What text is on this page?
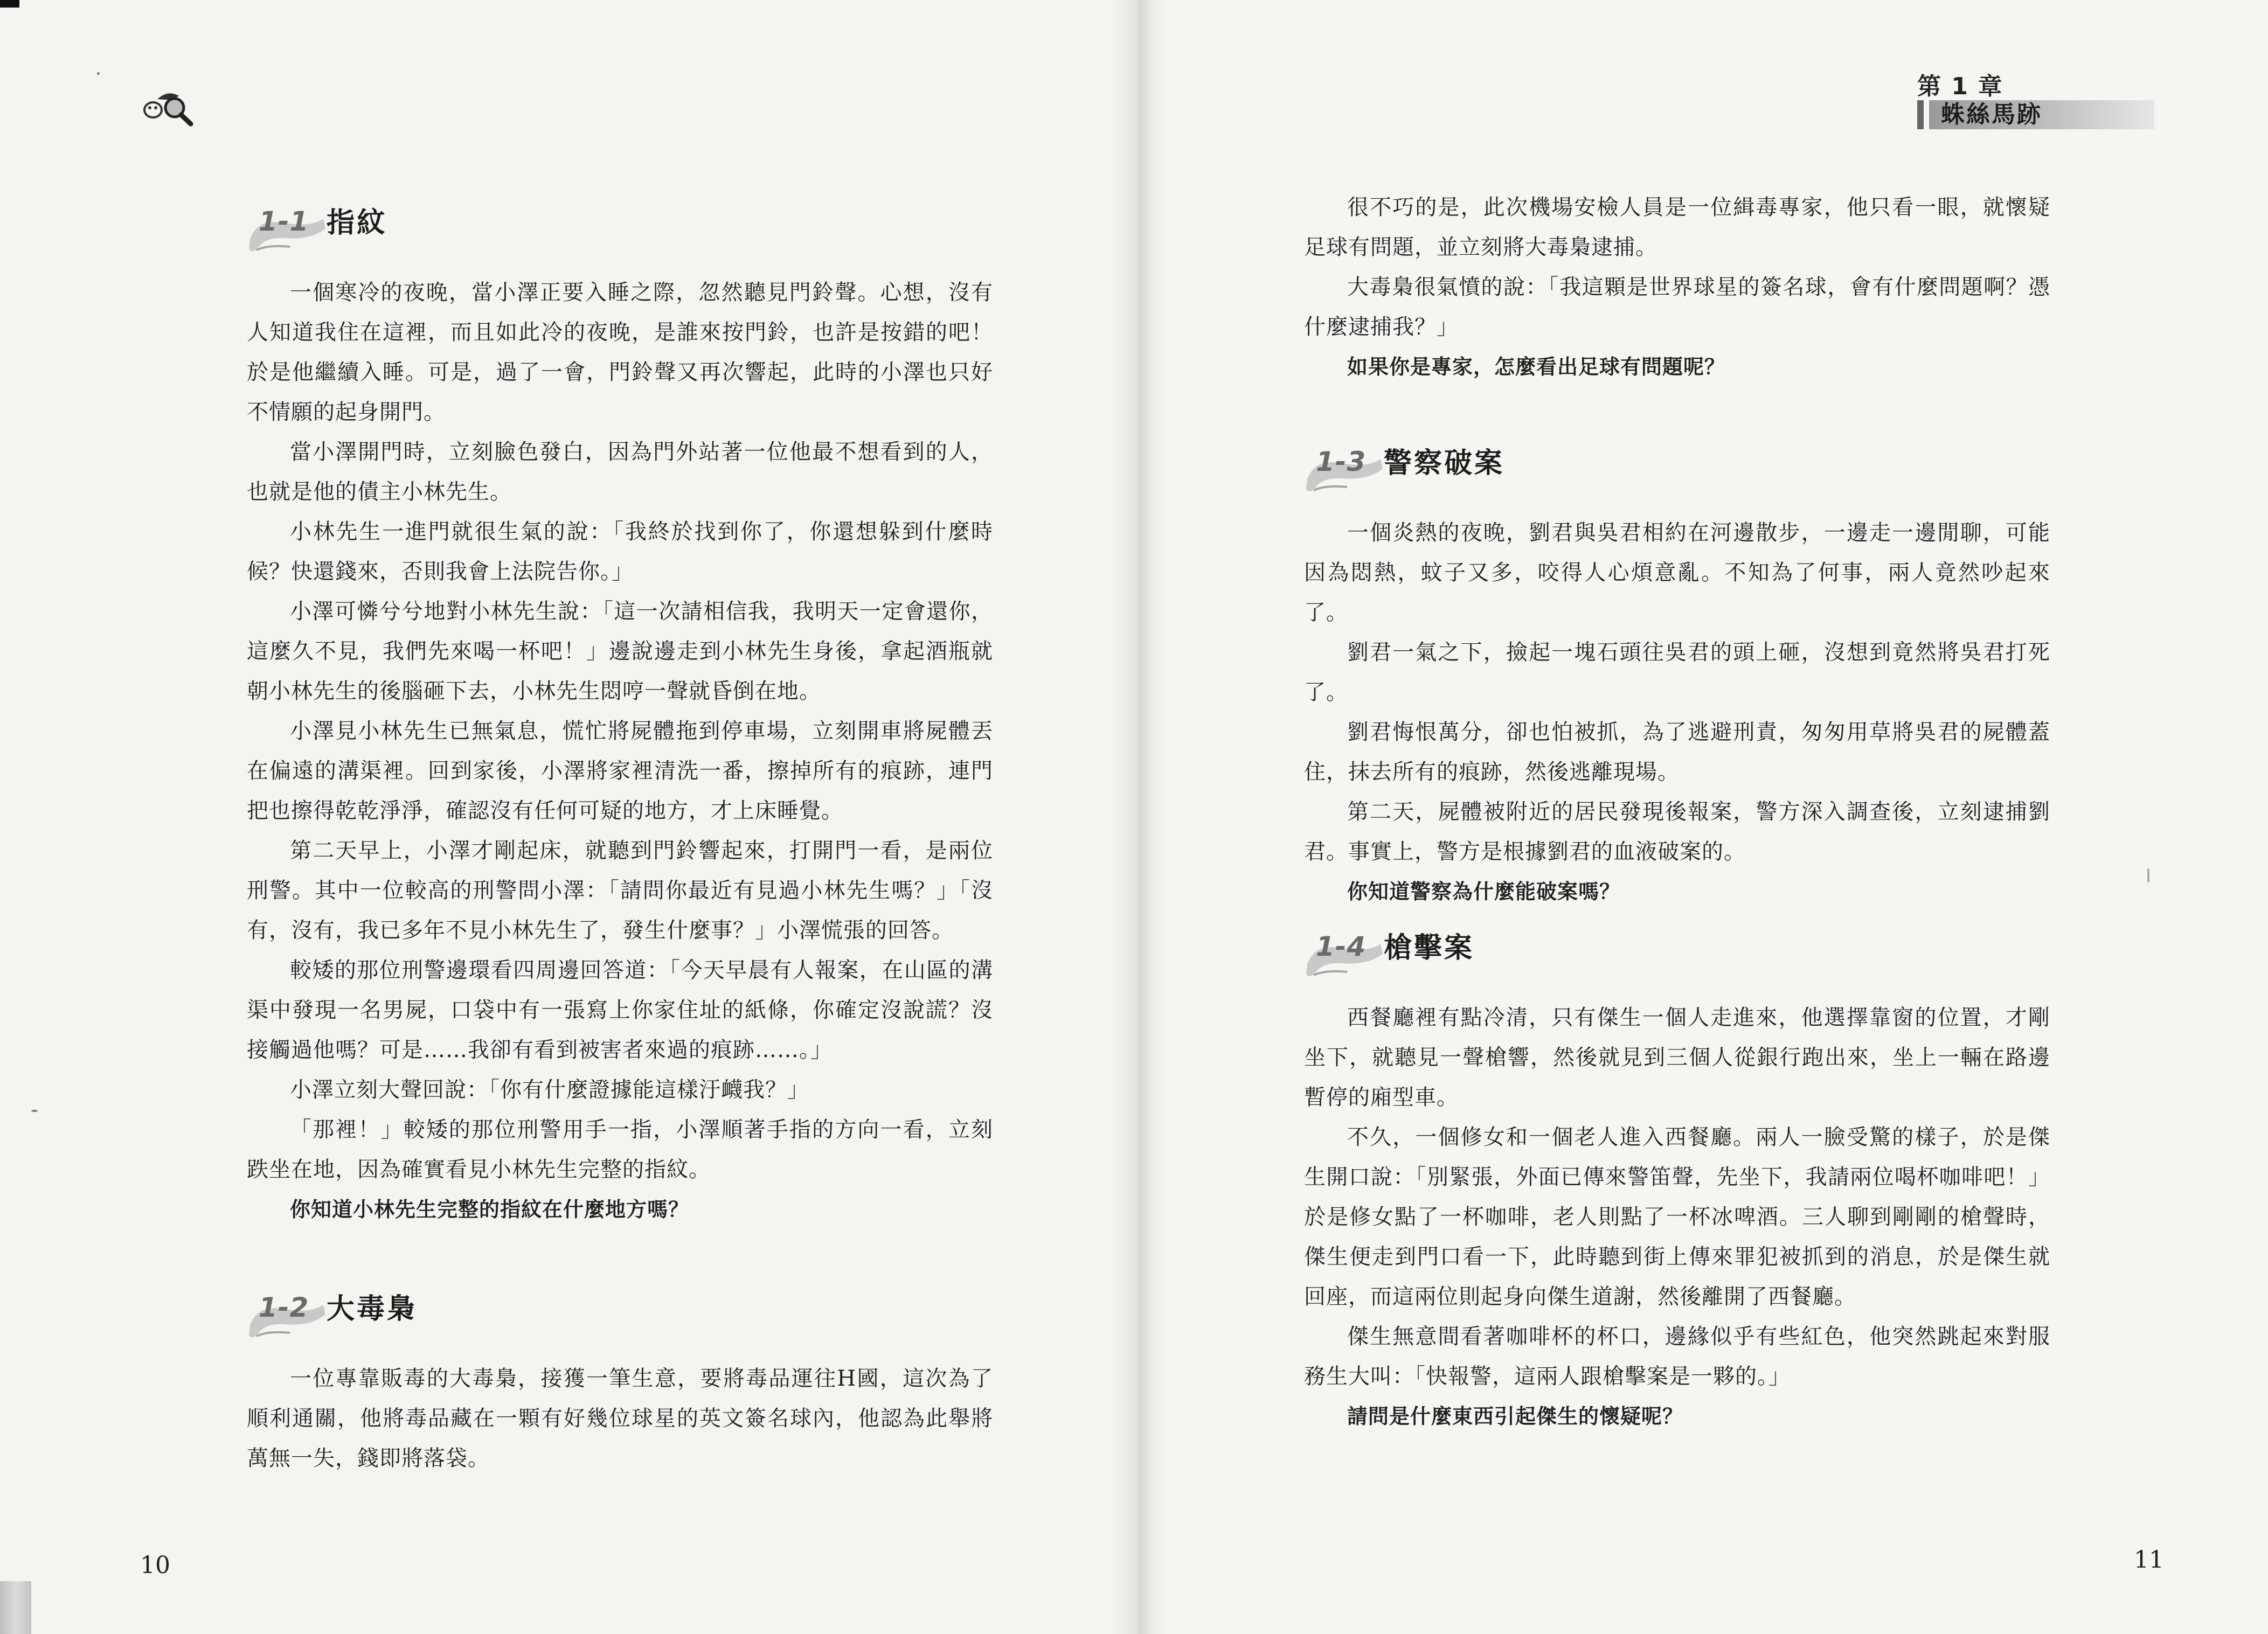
第 1 章
蛛絲馬跡
1-1 指紋

一個寒冷的夜晚，當小澤正要入睡之際，忽然聽見門鈴聲。心想，沒有人知道我住在這裡，而且如此冷的夜晚，是誰來按門鈴，也許是按錯的吧！於是他繼續入睡。可是，過了一會，門鈴聲又再次響起，此時的小澤也只好不情願的起身開門。

當小澤開門時，立刻臉色發白，因為門外站著一位他最不想看到的人，也就是他的債主小林先生。

小林先生一進門就很生氣的說：「我終於找到你了，你還想躲到什麼時候？快還錢來，否則我會上法院告你。」

小澤可憐兮兮地對小林先生說：「這一次請相信我，我明天一定會還你，這麼久不見，我們先來喝一杯吧！」邊說邊走到小林先生身後，拿起酒瓶就朝小林先生的後腦砸下去，小林先生悶哼一聲就昏倒在地。

小澤見小林先生已無氣息，慌忙將屍體拖到停車場，立刻開車將屍體丟在偏遠的溝渠裡。回到家後，小澤將家裡清洗一番，擦掉所有的痕跡，連門把也擦得乾乾淨淨，確認沒有任何可疑的地方，才上床睡覺。

第二天早上，小澤才剛起床，就聽到門鈴響起來，打開門一看，是兩位刑警。其中一位較高的刑警問小澤：「請問你最近有見過小林先生嗎？」「沒有，沒有，我已多年不見小林先生了，發生什麼事？」小澤慌張的回答。

較矮的那位刑警邊環看四周邊回答道：「今天早晨有人報案，在山區的溝渠中發現一名男屍，口袋中有一張寫上你家住址的紙條，你確定沒說謊？沒接觸過他嗎？可是……我卻有看到被害者來過的痕跡……。」

小澤立刻大聲回說：「你有什麼證據能這樣汙衊我？」

「那裡！」較矮的那位刑警用手一指，小澤順著手指的方向一看，立刻跌坐在地，因為確實看見小林先生完整的指紋。

你知道小林先生完整的指紋在什麼地方嗎？

1-2 大毒梟

一位專靠販毒的大毒梟，接獲一筆生意，要將毒品運往H國，這次為了順利通關，他將毒品藏在一顆有好幾位球星的英文簽名球內，他認為此舉將萬無一失，錢即將落袋。

10

很不巧的是，此次機場安檢人員是一位緝毒專家，他只看一眼，就懷疑足球有問題，並立刻將大毒梟逮捕。

大毒梟很氣憤的說：「我這顆是世界球星的簽名球，會有什麼問題啊？憑什麼逮捕我？」

如果你是專家，怎麼看出足球有問題呢？

1-3 警察破案

一個炎熱的夜晚，劉君與吳君相約在河邊散步，一邊走一邊閒聊，可能因為悶熱，蚊子又多，咬得人心煩意亂。不知為了何事，兩人竟然吵起來了。

劉君一氣之下，撿起一塊石頭往吳君的頭上砸，沒想到竟然將吳君打死了。

劉君悔恨萬分，卻也怕被抓，為了逃避刑責，匆匆用草將吳君的屍體蓋住，抹去所有的痕跡，然後逃離現場。

第二天，屍體被附近的居民發現後報案，警方深入調查後，立刻逮捕劉君。事實上，警方是根據劉君的血液破案的。

你知道警察為什麼能破案嗎？

1-4 槍擊案

西餐廳裡有點冷清，只有傑生一個人走進來，他選擇靠窗的位置，才剛坐下，就聽見一聲槍響，然後就見到三個人從銀行跑出來，坐上一輛在路邊暫停的廂型車。

不久，一個修女和一個老人進入西餐廳。兩人一臉受驚的樣子，於是傑生開口說：「別緊張，外面已傳來警笛聲，先坐下，我請兩位喝杯咖啡吧！」於是修女點了一杯咖啡，老人則點了一杯冰啤酒。三人聊到剛剛的槍聲時，傑生便走到門口看一下，此時聽到街上傳來罪犯被抓到的消息，於是傑生就回座，而這兩位則起身向傑生道謝，然後離開了西餐廳。

傑生無意間看著咖啡杯的杯口，邊緣似乎有些紅色，他突然跳起來對服務生大叫：「快報警，這兩人跟槍擊案是一夥的。」

請問是什麼東西引起傑生的懷疑呢？

11
